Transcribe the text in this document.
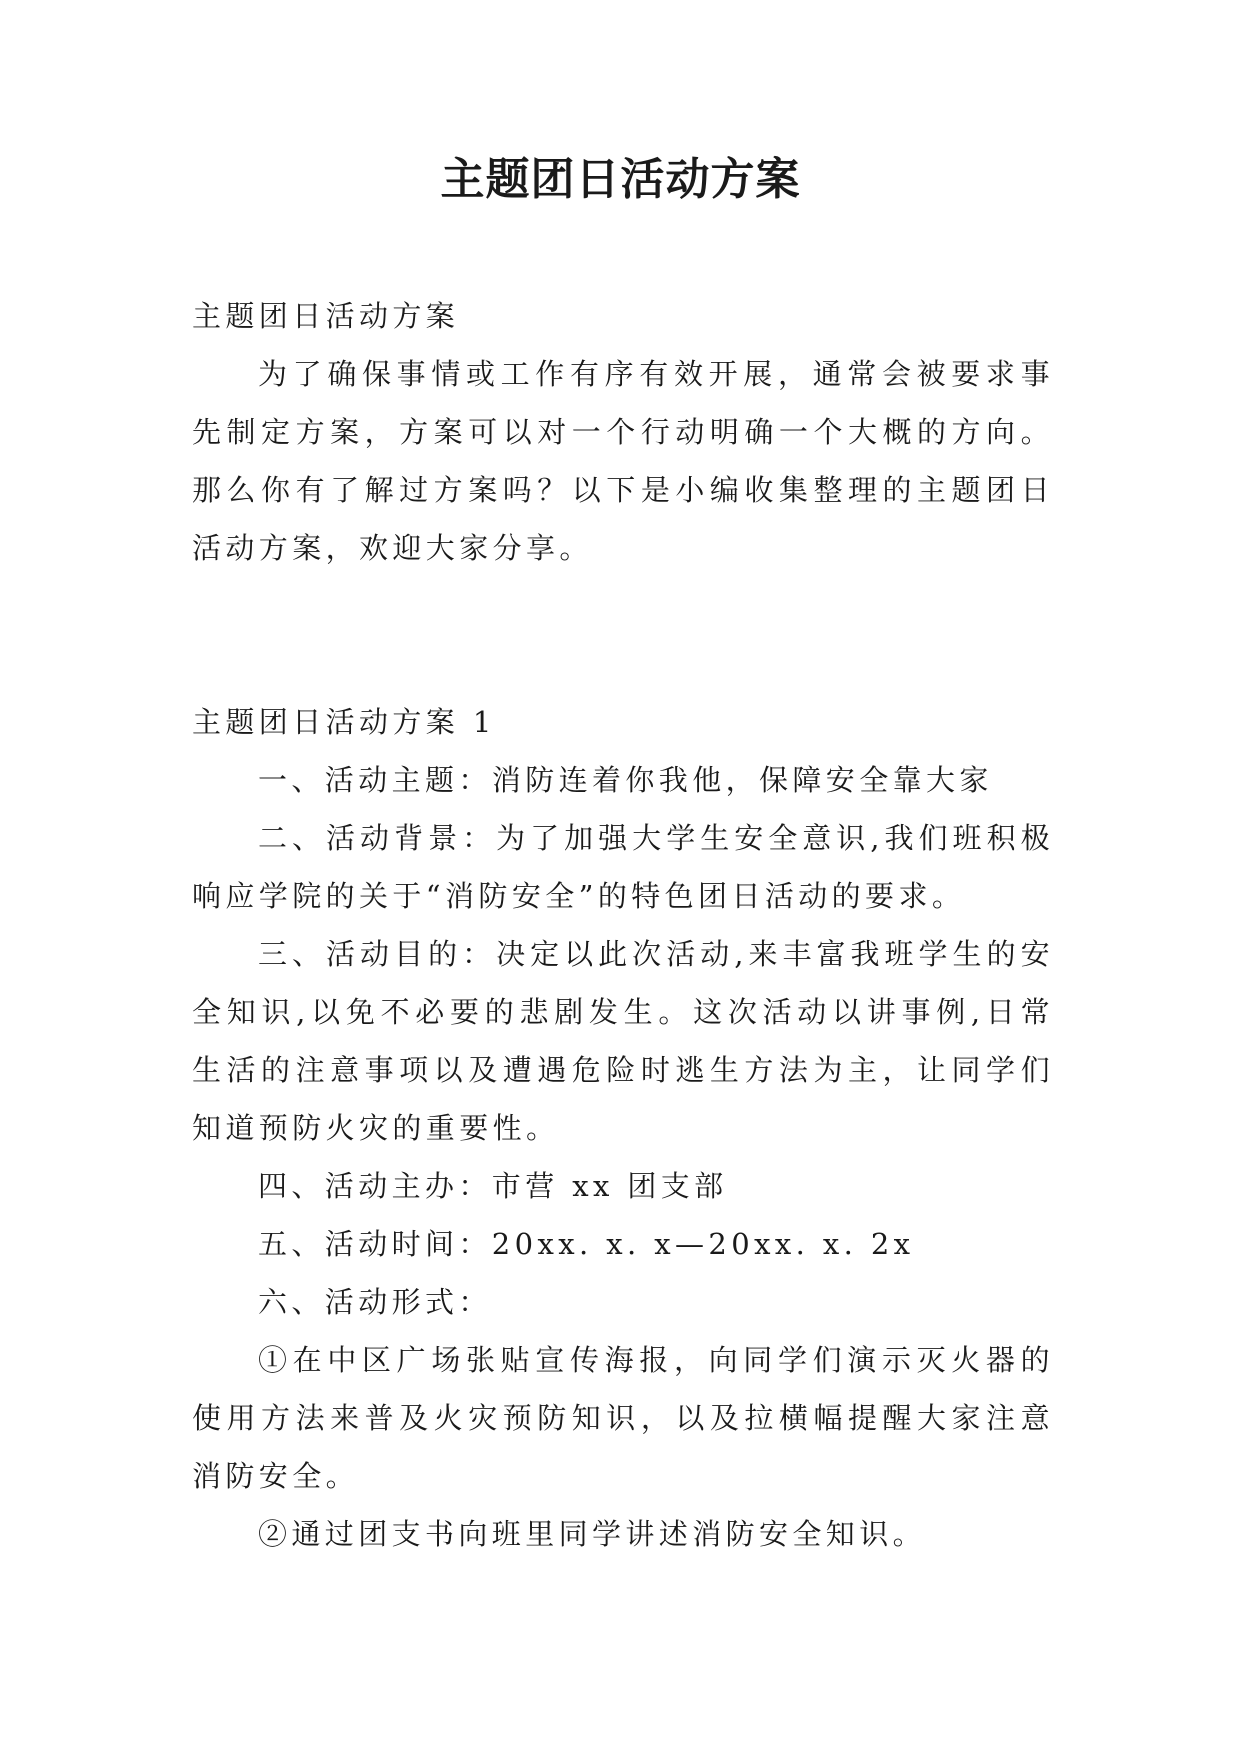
主题团日活动方案

主题团日活动方案

为了确保事情或工作有序有效开展，通常会被要求事先制定方案，方案可以对一个行动明确一个大概的方向。那么你有了解过方案吗？以下是小编收集整理的主题团日活动方案，欢迎大家分享。

主题团日活动方案 1

一、活动主题：消防连着你我他，保障安全靠大家

二、活动背景：为了加强大学生安全意识,我们班积极响应学院的关于“消防安全”的特色团日活动的要求。

三、活动目的：决定以此次活动,来丰富我班学生的安全知识,以免不必要的悲剧发生。这次活动以讲事例,日常生活的注意事项以及遭遇危险时逃生方法为主，让同学们知道预防火灾的重要性。

四、活动主办：市营 xx 团支部

五、活动时间：20xx. x. x—20xx. x. 2x

六、活动形式：

①在中区广场张贴宣传海报，向同学们演示灭火器的使用方法来普及火灾预防知识，以及拉横幅提醒大家注意消防安全。

②通过团支书向班里同学讲述消防安全知识。
